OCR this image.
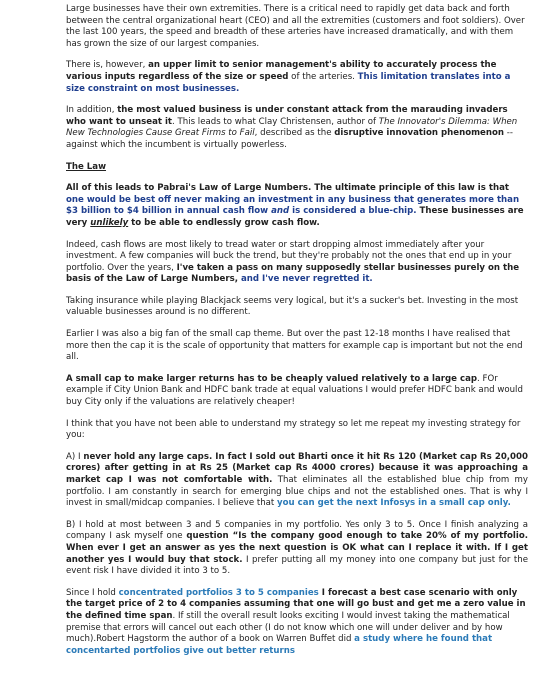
Large businesses have their own extremities. There is a critical need to rapidly get data back and forth between the central organizational heart (CEO) and all the extremities (customers and foot soldiers). Over the last 100 years, the speed and breadth of these arteries have increased dramatically, and with them has grown the size of our largest companies.

There is, however, an upper limit to senior management's ability to accurately process the various inputs regardless of the size or speed of the arteries. This limitation translates into a size constraint on most businesses.

In addition, the most valued business is under constant attack from the marauding invaders who want to unseat it. This leads to what Clay Christensen, author of The Innovator's Dilemma: When New Technologies Cause Great Firms to Fail, described as the disruptive innovation phenomenon -- against which the incumbent is virtually powerless.

The Law

All of this leads to Pabrai's Law of Large Numbers. The ultimate principle of this law is that one would be best off never making an investment in any business that generates more than $3 billion to $4 billion in annual cash flow and is considered a blue-chip. These businesses are very unlikely to be able to endlessly grow cash flow.

Indeed, cash flows are most likely to tread water or start dropping almost immediately after your investment. A few companies will buck the trend, but they're probably not the ones that end up in your portfolio. Over the years, I've taken a pass on many supposedly stellar businesses purely on the basis of the Law of Large Numbers, and I've never regretted it.

Taking insurance while playing Blackjack seems very logical, but it's a sucker's bet. Investing in the most valuable businesses around is no different.

Earlier I was also a big fan of the small cap theme. But over the past 12-18 months I have realised that more then the cap it is the scale of opportunity that matters for example cap is important but not the end all.

A small cap to make larger returns has to be cheaply valued relatively to a large cap. FOr example if City Union Bank and HDFC bank trade at equal valuations I would prefer HDFC bank and would buy City only if the valuations are relatively cheaper!

I think that you have not been able to understand my strategy so let me repeat my investing strategy for you:

A) I never hold any large caps. In fact I sold out Bharti once it hit Rs 120 (Market cap Rs 20,000 crores) after getting in at Rs 25 (Market cap Rs 4000 crores) because it was approaching a market cap I was not comfortable with. That eliminates all the established blue chip from my portfolio. I am constantly in search for emerging blue chips and not the established ones. That is why I invest in small/midcap companies. I believe that you can get the next Infosys in a small cap only.

B) I hold at most between 3 and 5 companies in my portfolio. Yes only 3 to 5. Once I finish analyzing a company I ask myself one question “Is the company good enough to take 20% of my portfolio. When ever I get an answer as yes the next question is OK what can I replace it with. If I get another yes I would buy that stock. I prefer putting all my money into one company but just for the event risk I have divided it into 3 to 5.

Since I hold concentrated portfolios 3 to 5 companies I forecast a best case scenario with only the target price of 2 to 4 companies assuming that one will go bust and get me a zero value in the defined time span. If still the overall result looks exciting I would invest taking the mathematical premise that errors will cancel out each other (I do not know which one will under deliver and by how much).Robert Hagstorm the author of a book on Warren Buffet did a study where he found that concentarted portfolios give out better returns
